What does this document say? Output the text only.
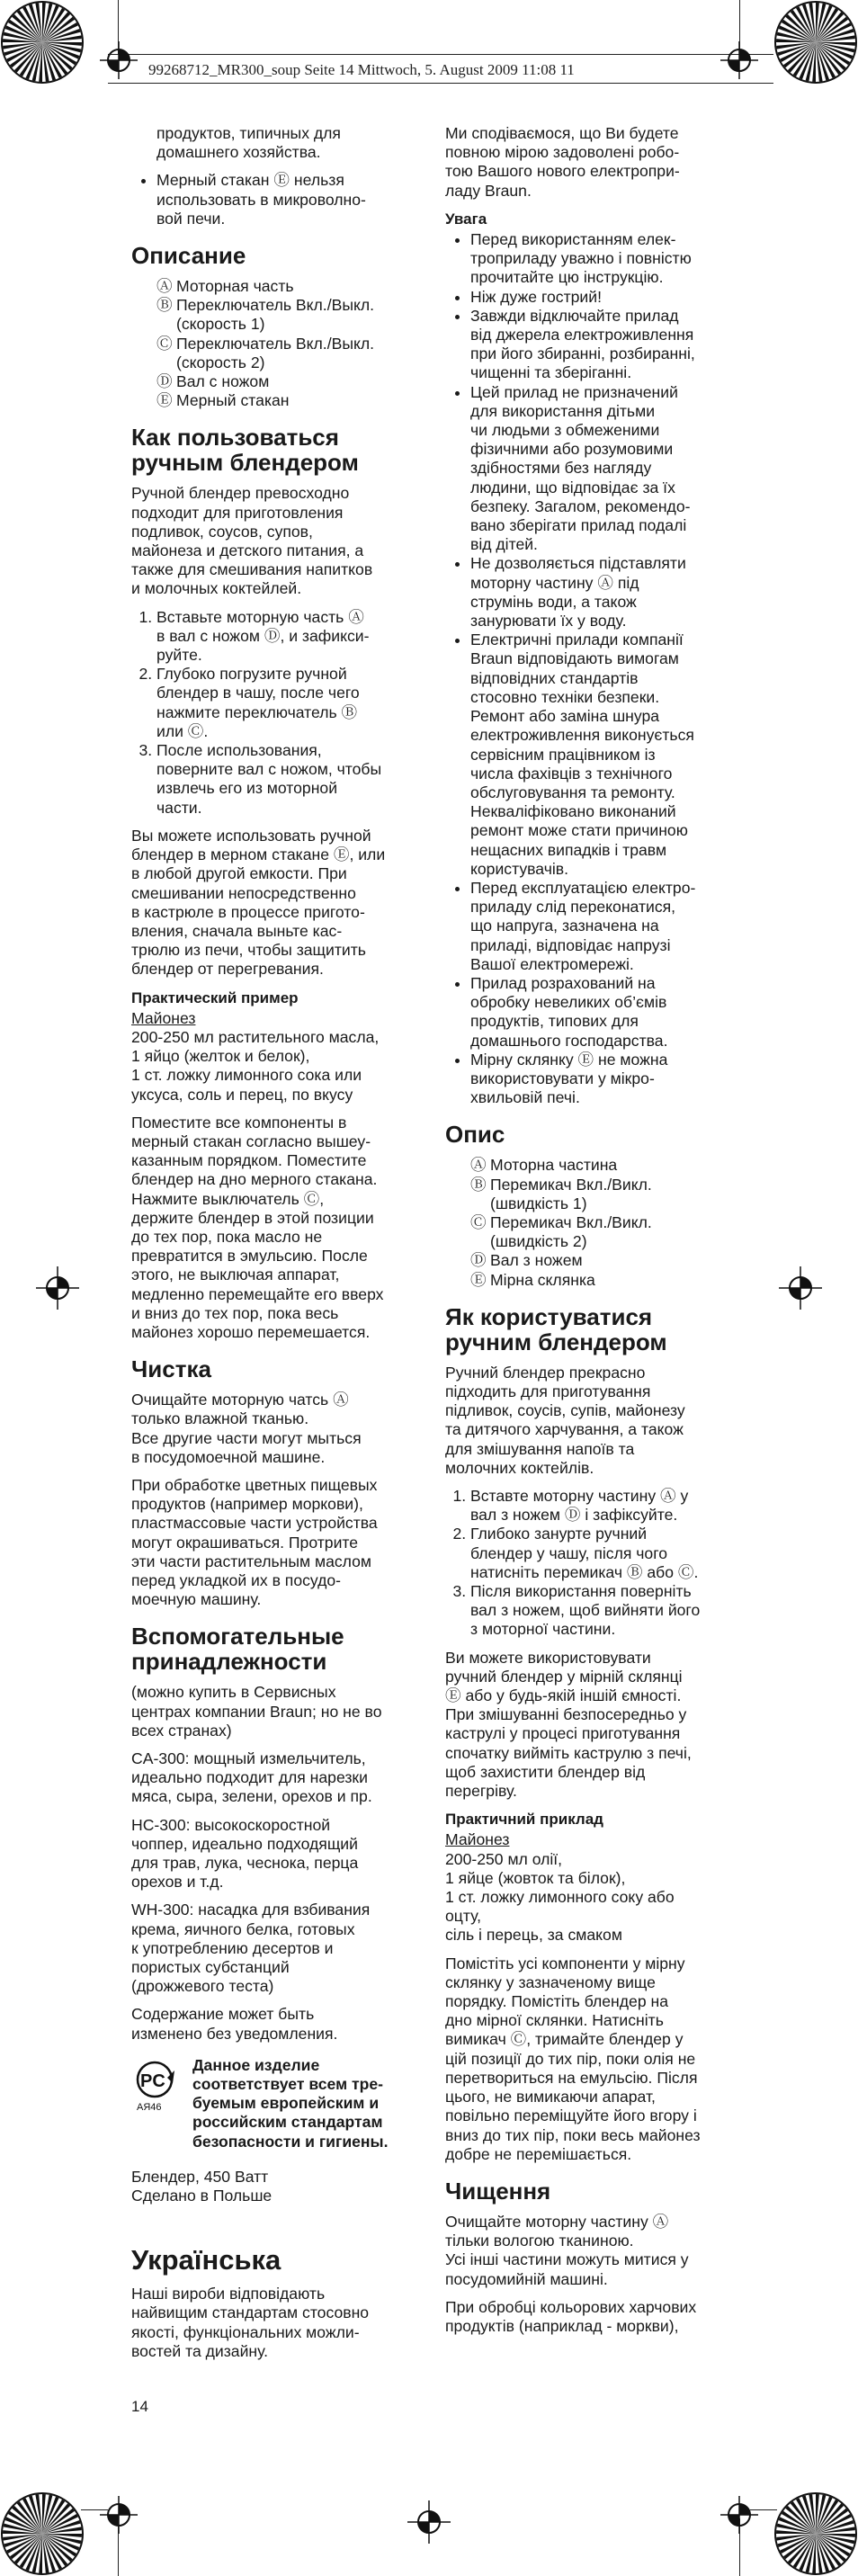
99268712_MR300_soup Seite 14 Mittwoch, 5. August 2009 11:08 11

продуктов, типичных для
домашнего хозяйства.

• Мерный стакан Ⓔ нельзя
использовать в микроволно-
вой печи.
Описание
Ⓐ Моторная часть
Ⓑ Переключатель Вкл./Выкл.
(скорость 1)
Ⓒ Переключатель Вкл./Выкл.
(скорость 2)
Ⓓ Вал с ножом
Ⓔ Мерный стакан
Как пользоваться
ручным блендером

Ручной блендер превосходно
подходит для приготовления
подливок, соусов, супов,
майонеза и детского питания, а
также для смешивания напитков
и молочных коктейлей.

1. Вставьте моторную часть Ⓐ
в вал с ножом Ⓓ, и зафикси-
руйте.
2. Глубоко погрузите ручной
блендер в чашу, после чего
нажмите переключатель Ⓑ
или Ⓒ.
3. После использования,
поверните вал с ножом, чтобы
извлечь его из моторной
части.

Вы можете использовать ручной
блендер в мерном стакане Ⓔ, или
в любой другой емкости. При
смешивании непосредственно
в кастрюле в процессе пригото-
вления, сначала выньте кас-
трюлю из печи, чтобы защитить
блендер от перегревания.

Практический пример
Майонез

200-250 мл растительного масла,
1 яйцо (желток и белок),
1 ст. ложку лимонного сока или
уксуса, соль и перец, по вкусу

Поместите все компоненты в
мерный стакан согласно вышеу-
казанным порядком. Поместите
блендер на дно мерного стакана.
Нажмите выключатель Ⓒ,
держите блендер в этой позиции
до тех пор, пока масло не
превратится в эмульсию. После
этого, не выключая аппарат,
медленно перемещайте его вверх
и вниз до тех пор, пока весь
майонез хорошо перемешается.

Чистка

Очищайте моторную чатсь Ⓐ
только влажной тканью.
Все другие части могут мыться
в посудомоечной машине.

При обработке цветных пищевых
продуктов (например моркови),
пластмассовые части устройства
могут окрашиваться. Протрите
эти части растительным маслом
перед укладкой их в посудо-
моечную машину.

Вспомогательные
принадлежности

(можно купить в Сервисных
центрах компании Braun; но не во
всех странах)

CA-300: мощный измельчитель,
идеально подходит для нарезки
мяса, сыра, зелени, орехов и пр.

HC-300: высокоскоростной
чоппер, идеально подходящий
для трав, лука, чеснока, перца
орехов и т.д.

WH-300: насадка для взбивания
крема, яичного белка, готовых
к употреблению десертов и
пористых субстанций
(дрожжевого теста)

Содержание может быть
изменено без уведомления.

PC
АЯ46
Данное изделие
соответствует всем тре-
буемым европейским и
российским стандартам
безопасности и гигиены.

Блендер, 450 Ватт
Сделано в Польше

Українська

Наші вироби відповідають
найвищим стандартам стосовно
якості, функціональних можли-
востей та дизайну.

Ми сподіваємося, що Ви будете
повною мірою задоволені робо-
тою Вашого нового електропри-
ладу Braun.

Увага
• Перед використанням елек-
троприладу уважно і повністю
прочитайте цю інструкцію.
• Ніж дуже гострий!
• Завжди відключайте прилад
від джерела електроживлення
при його збиранні, розбиранні,
чищенні та зберіганні.
• Цей прилад не призначений
для використання дітьми
чи людьми з обмеженими
фізичними або розумовими
здібностями без нагляду
людини, що відповідає за їх
безпеку. Загалом, рекомендо-
вано зберігати прилад подалі
від дітей.
• Не дозволяється підставляти
моторну частину Ⓐ під
струмінь води, а також
занурювати їх у воду.
• Електричні прилади компанії
Braun відповідають вимогам
відповідних стандартів
стосовно техніки безпеки.
Ремонт або заміна шнура
електроживлення виконується
сервісним працівником із
числа фахівців з технічного
обслуговування та ремонту.
Неквaліфіковано виконаний
ремонт може стати причиною
нещасних випадків і травм
користувачів.
• Перед експлуатацією електро-
приладу слід переконатися,
що напруга, зазначена на
приладі, відповідає напрузі
Вашої електромережі.
• Прилад розрахований на
обробку невеликих об’ємів
продуктів, типових для
домашнього господарства.
• Мірну склянку Ⓔ не можна
використовувати у мікро-
хвильовій печі.
Опис
Ⓐ Моторна частина
Ⓑ Перемикач Вкл./Викл.
(швидкість 1)
Ⓒ Перемикач Вкл./Викл.
(швидкість 2)
Ⓓ Вал з ножем
Ⓔ Мірна склянка
Як користуватися
ручним блендером

Ручний блендер прекрасно
підходить для приготування
підливок, соусів, супів, майонезу
та дитячого харчування, а також
для змішування напоїв та
молочних коктейлів.

1. Вставте моторну частину Ⓐ у
вал з ножем Ⓓ і зафіксуйте.
2. Глибоко занурте ручний
блендер у чашу, після чого
натисніть перемикач Ⓑ або Ⓒ.
3. Після використання поверніть
вал з ножем, щоб вийняти його
з моторної частини.

Ви можете використовувати
ручний блендер у мірній склянці
Ⓔ або у будь-якій іншій ємності.
При змішуванні безпосередньо у
каструлі у процесі приготування
спочатку вийміть каструлю з печі,
щоб захистити блендер від
перегріву.

Практичний приклад
Майонез

200-250 мл олії,
1 яйце (жовток та білок),
1 ст. ложку лимонного соку або
оцту,
сіль і перець, за смаком

Помістіть усі компоненти у мірну
склянку у зазначеному вище
порядку. Помістіть блендер на
дно мірної склянки. Натисніть
вимикач Ⓒ, тримайте блендер у
цій позиції до тих пір, поки олія не
перетвориться на емульсію. Після
цього, не вимикаючи апарат,
повільно переміщуйте його вгору і
вниз до тих пір, поки весь майонез
добре не перемішається.

Чищення

Очищайте моторну частину Ⓐ
тільки вологою тканиною.
Усі інші частини можуть митися у
посудомийній машині.

При обробці кольорових харчових
продуктів (наприклад - моркви),

14
